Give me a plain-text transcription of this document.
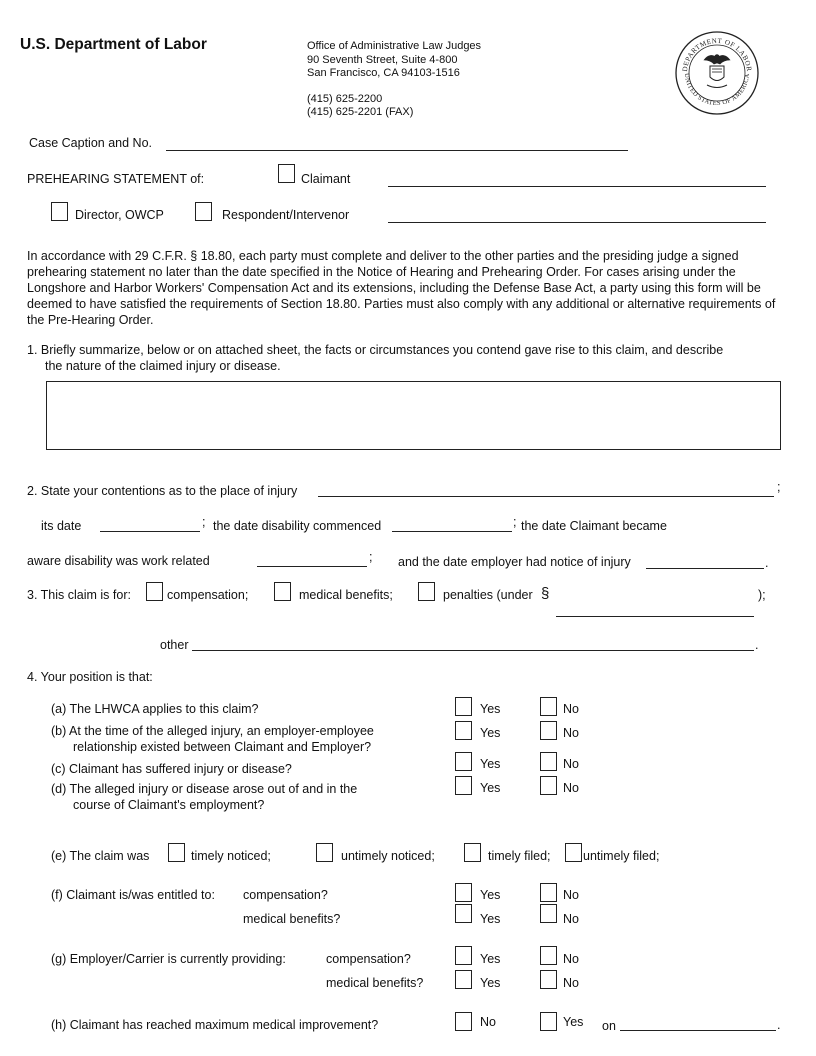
U.S. Department of Labor	Office of Administrative Law Judges
90 Seventh Street, Suite 4-800
San Francisco, CA 94103-1516
(415) 625-2200
(415) 625-2201 (FAX)
DEPARTMENT OF LABOR
UNITED STATES OF AMERICA
Case Caption and No.
PREHEARING STATEMENT of:	Claimant
Director, OWCP	Respondent/Intervenor
In accordance with 29 C.F.R. § 18.80, each party must complete and deliver to the other parties and the presiding judge a signed prehearing statement no later than the date specified in the Notice of Hearing and Prehearing Order. For cases arising under the Longshore and Harbor Workers' Compensation Act and its extensions, including the Defense Base Act, a party using this form will be deemed to have satisfied the requirements of Section 18.80. Parties must also comply with any additional or alternative requirements of the Pre-Hearing Order.
1. Briefly summarize, below or on attached sheet, the facts or circumstances you contend gave rise to this claim, and describe
the nature of the claimed injury or disease.
2. State your contentions as to the place of injury	;
its date	; the date disability commenced	; the date Claimant became
aware disability was work related	; and the date employer had notice of injury	.
3. This claim is for:	compensation;	medical benefits;	penalties (under §	);
other	.
4. Your position is that:
(a) The LHWCA applies to this claim?	Yes	No
(b) At the time of the alleged injury, an employer-employee
relationship existed between Claimant and Employer?
Yes	No
(c) Claimant has suffered injury or disease?	Yes	No
(d) The alleged injury or disease arose out of and in the
course of Claimant's employment?
Yes	No
(e) The claim was	timely noticed;	untimely noticed;	timely filed;	untimely filed;
(f) Claimant is/was entitled to: compensation?	Yes	No
medical benefits?	Yes	No
(g) Employer/Carrier is currently providing:	compensation?	Yes	No
medical benefits?	Yes	No
(h) Claimant has reached maximum medical improvement?	No	Yes on	.
